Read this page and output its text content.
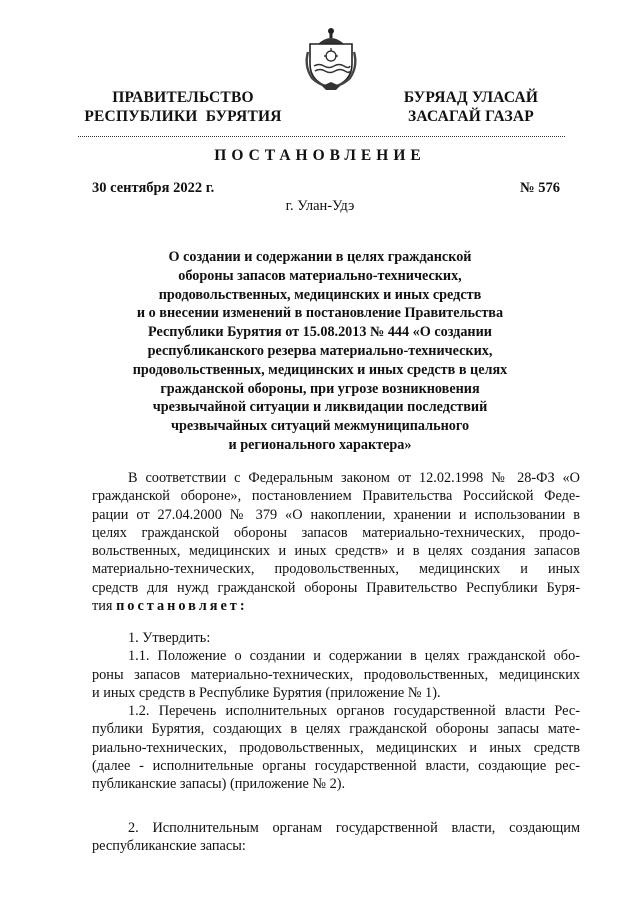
ПРАВИТЕЛЬСТВО
РЕСПУБЛИКИ  БУРЯТИЯ
БУРЯАД УЛАСАЙ
ЗАСАГАЙ ГАЗАР
ПОСТАНОВЛЕНИЕ
30 сентября 2022 г.	№ 576
г. Улан-Удэ
О создании и содержании в целях гражданской
обороны запасов материально-технических,
продовольственных, медицинских и иных средств
и о внесении изменений в постановление Правительства
Республики Бурятия от 15.08.2013 № 444 «О создании
республиканского резерва материально-технических,
продовольственных, медицинских и иных средств в целях
гражданской обороны, при угрозе возникновения
чрезвычайной ситуации и ликвидации последствий
чрезвычайных ситуаций межмуниципального
и регионального характера»
В соответствии с Федеральным законом от 12.02.1998 № 28-ФЗ «О
гражданской обороне», постановлением Правительства Российской Феде-
рации от 27.04.2000 № 379 «О накоплении, хранении и использовании в
целях гражданской обороны запасов материально-технических, продо-
вольственных, медицинских и иных средств» и в целях создания запасов
материально-технических, продовольственных, медицинских и иных
средств для нужд гражданской обороны Правительство Республики Буря-
тия постановляет:
1. Утвердить:
1.1. Положение о создании и содержании в целях гражданской обо-
роны запасов материально-технических, продовольственных, медицинских
и иных средств в Республике Бурятия (приложение № 1).
1.2. Перечень исполнительных органов государственной власти Рес-
публики Бурятия, создающих в целях гражданской обороны запасы мате-
риально-технических, продовольственных, медицинских и иных средств
(далее - исполнительные органы государственной власти, создающие рес-
публиканские запасы) (приложение № 2).
2. Исполнительным органам государственной власти, создающим
республиканские запасы:
